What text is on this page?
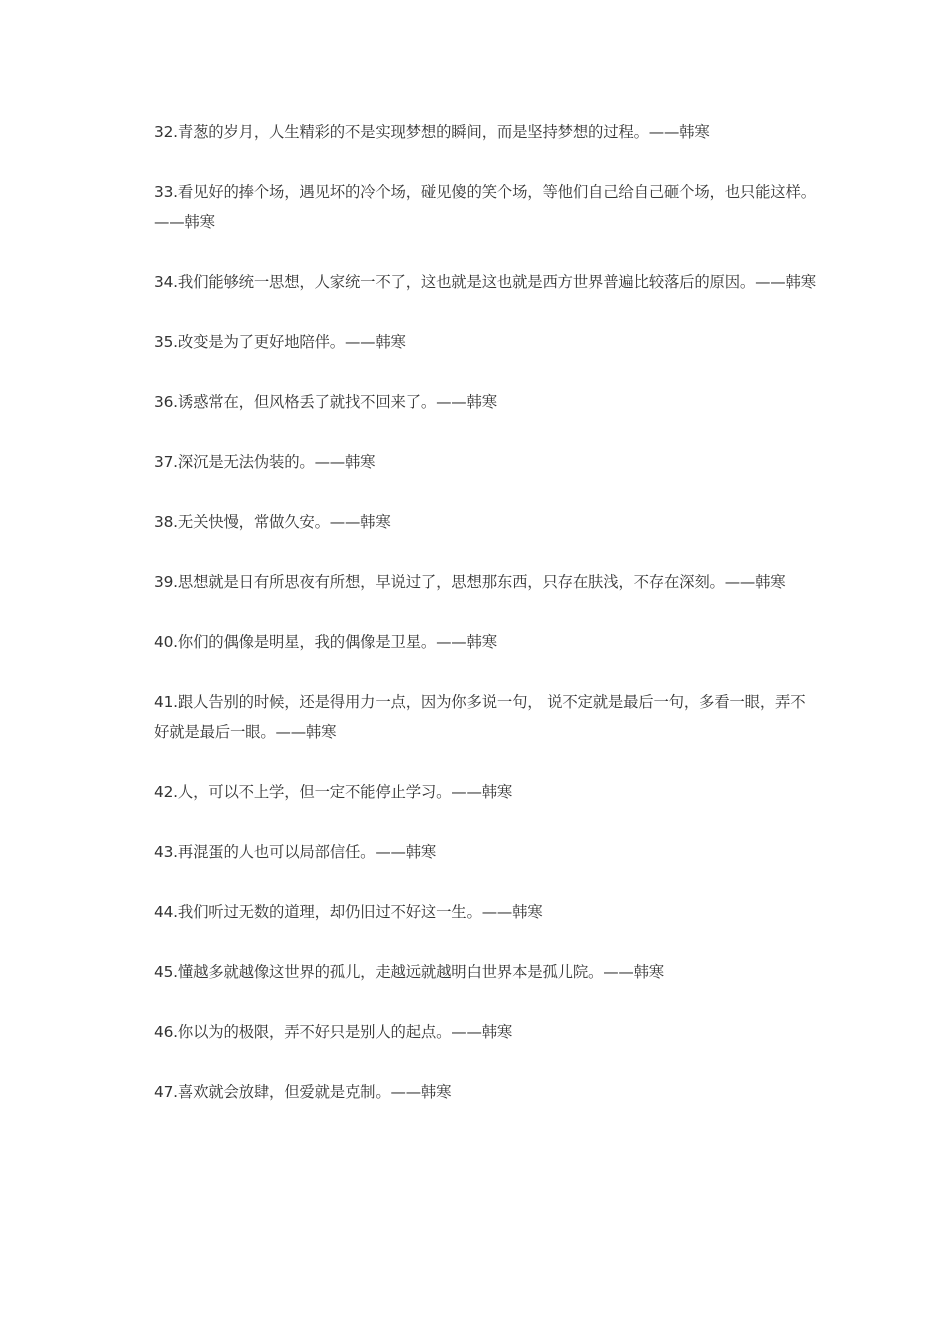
32.青葱的岁月，人生精彩的不是实现梦想的瞬间，而是坚持梦想的过程。——韩寒

33.看见好的捧个场，遇见坏的冷个场，碰见傻的笑个场，等他们自己给自己砸个场，也只能这样。——韩寒

34.我们能够统一思想，人家统一不了，这也就是这也就是西方世界普遍比较落后的原因。——韩寒

35.改变是为了更好地陪伴。——韩寒

36.诱惑常在，但风格丢了就找不回来了。——韩寒

37.深沉是无法伪装的。——韩寒

38.无关快慢，常做久安。——韩寒

39.思想就是日有所思夜有所想，早说过了，思想那东西，只存在肤浅，不存在深刻。——韩寒

40.你们的偶像是明星，我的偶像是卫星。——韩寒

41.跟人告别的时候，还是得用力一点，因为你多说一句， 说不定就是最后一句，多看一眼，弄不好就是最后一眼。——韩寒

42.人，可以不上学，但一定不能停止学习。——韩寒

43.再混蛋的人也可以局部信任。——韩寒

44.我们听过无数的道理，却仍旧过不好这一生。——韩寒

45.懂越多就越像这世界的孤儿，走越远就越明白世界本是孤儿院。——韩寒

46.你以为的极限，弄不好只是别人的起点。——韩寒

47.喜欢就会放肆，但爱就是克制。——韩寒
